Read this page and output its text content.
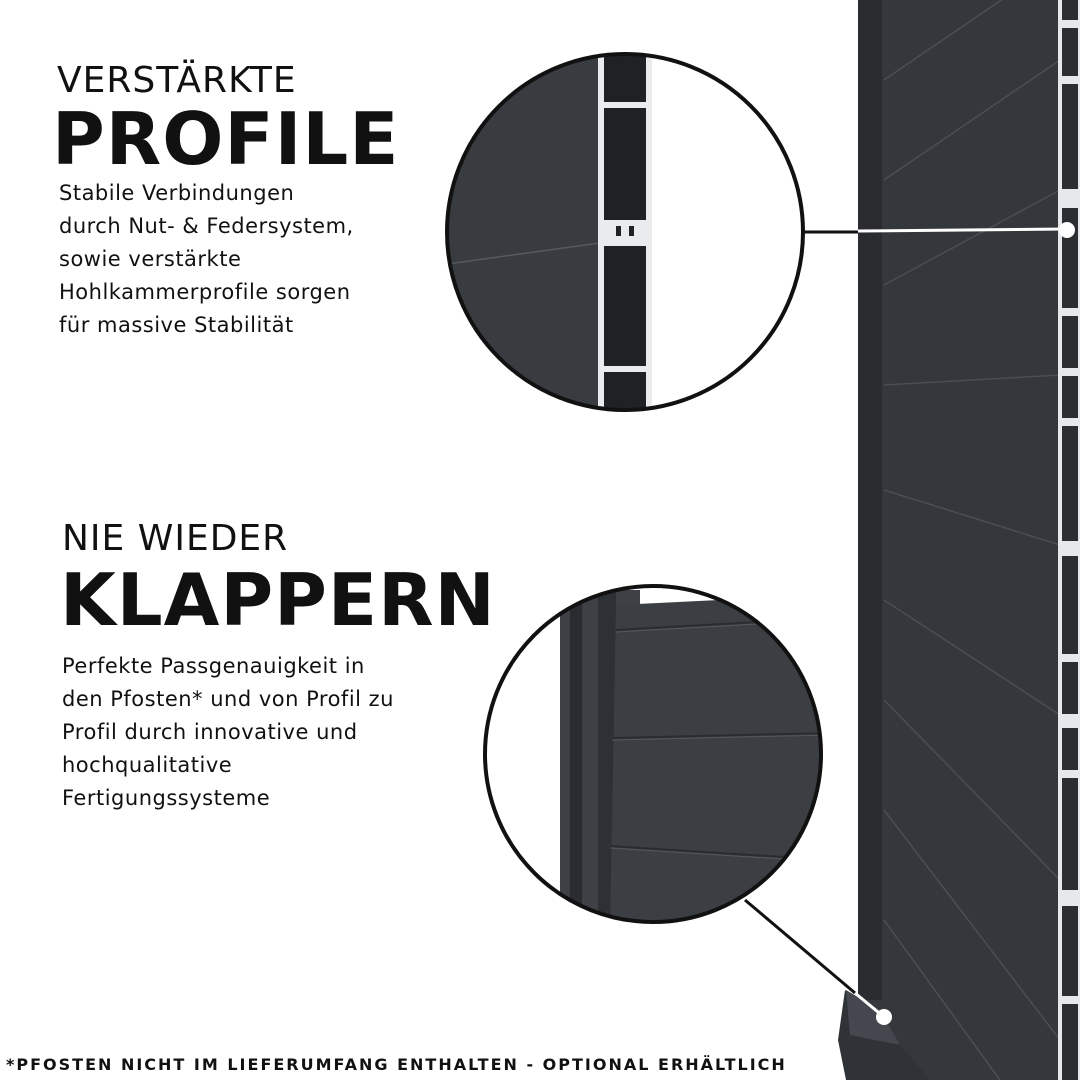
VERSTÄRKTE
PROFILE
Stabile Verbindungen
durch Nut- & Federsystem,
sowie verstärkte
Hohlkammerprofile sorgen
für massive Stabilität
NIE WIEDER
KLAPPERN
Perfekte Passgenauigkeit in
den Pfosten* und von Profil zu
Profil durch innovative und
hochqualitative
Fertigungssysteme
*PFOSTEN NICHT IM LIEFERUMFANG ENTHALTEN - OPTIONAL ERHÄLTLICH
